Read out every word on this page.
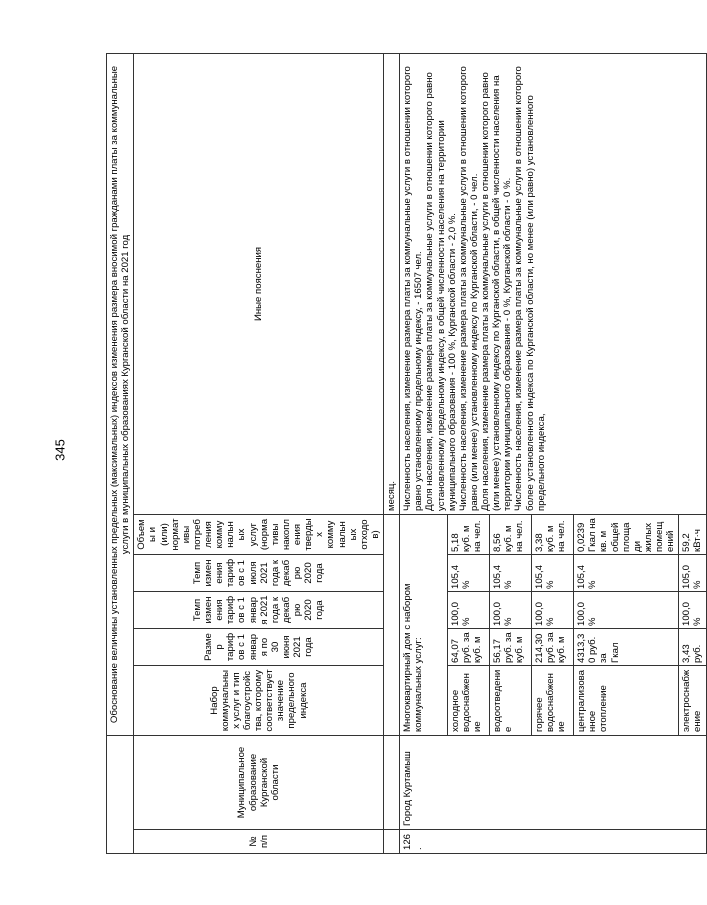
345
		Обоснование величины установленных предельных (максимальных) индексов изменения размера вносимой гражданами платы за коммунальные услуги в муниципальных образованиях Курганской области на 2021 год					
№ п/п	Муниципальное образование Курганской области	Набор коммунальных услуг и тип благоустройства, которому соответствует значение предельного индекса	Размер тарифов с 1 января по 30 июня 2021 года	Темп изменения тарифов с 1 января 2021 года к декабрю 2020 года	Темп изменения тарифов с 1 июля 2021 года к декабрю 2020 года	Объемы и (или) нормативы потребления коммунальных услуг (нормативы накопления твердых коммунальных отходов)	Иные пояснения
							месяц.
126.	Город Куртамыш	Многоквартирный дом с набором коммунальных услуг:					Численность населения, изменение размера платы за коммунальные услуги в отношении которого равно установленному предельному индексу, - 16507 чел.
Доля населения, изменение размера платы за коммунальные услуги в отношении которого равно установленному предельному индексу, в общей численности населения на территории муниципального образования - 100 %, Курганской области - 2,0 %.
Численность населения, изменение размера платы за коммунальные услуги в отношении которого равно (или менее) установленному индексу по Курганской области, - 0 чел.
Доля населения, изменение размера платы за коммунальные услуги в отношении которого равно (или менее) установленному индексу по Курганской области, в общей численности населения на территории муниципального образования - 0 %, Курганской области - 0 %.
Численность населения, изменение размера платы за коммунальные услуги в отношении которого более установленного индекса по Курганской области, но менее (или равно) установленного предельного индекса,
		холодное водоснабжение	64,07 руб. за куб. м	100,0 %	105,4 %	5,18 куб. м на чел.	
		водоотведение	56,17 руб. за куб. м	100,0 %	105,4 %	8,56 куб. м на чел.	
		горячее водоснабжение	214,30 руб. за куб. м	100,0 %	105,4 %	3,38 куб. м на чел.	
		централизованное отопление	4313,30 руб. за Гкал	100,0 %	105,4 %	0,0239 Гкал на кв. м общей площади жилых помещений	
		электроснабжение	3,43 руб.	100,0 %	105,0 %	59,2 кВт·ч	
